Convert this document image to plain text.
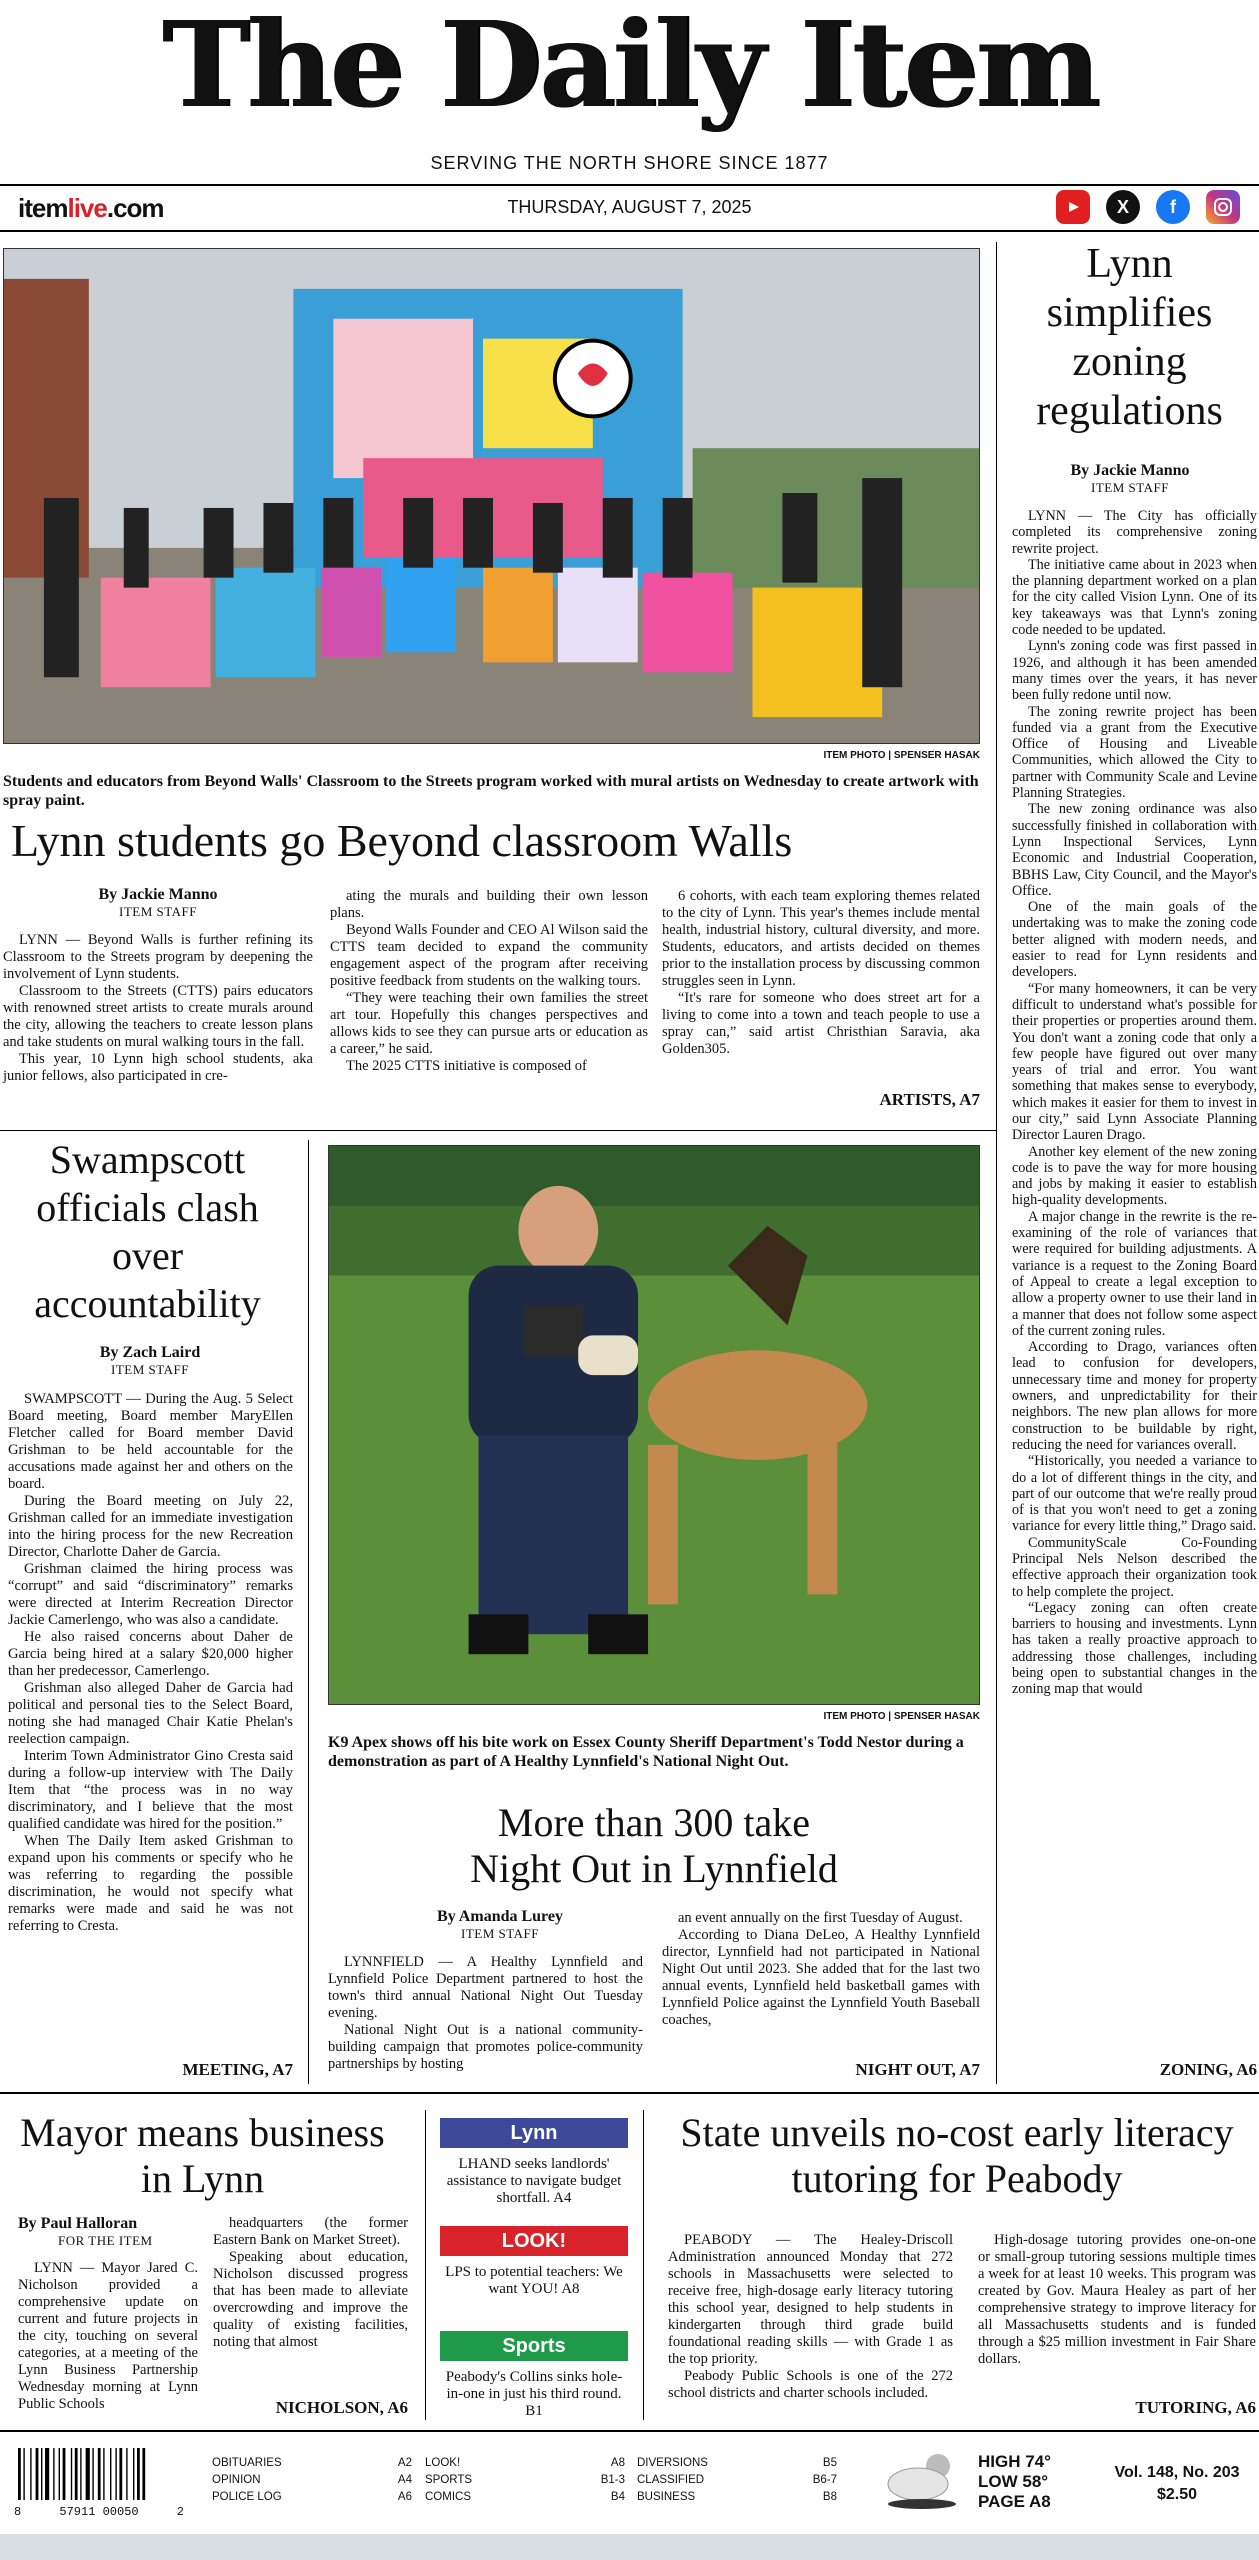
The Daily Item
SERVING THE NORTH SHORE SINCE 1877
itemlive.com	THURSDAY, AUGUST 7, 2025	X	f
ITEM PHOTO | SPENSER HASAK
Students and educators from Beyond Walls' Classroom to the Streets program worked with mural artists on Wednesday to create artwork with spray paint.
Lynn students go Beyond classroom Walls
By Jackie Manno
ITEM STAFF

LYNN — Beyond Walls is further refining its Classroom to the Streets program by deepening the involvement of Lynn students.

Classroom to the Streets (CTTS) pairs educators with renowned street artists to create murals around the city, allowing the teachers to create lesson plans and take students on mural walking tours in the fall.

This year, 10 Lynn high school students, aka junior fellows, also participated in cre-

ating the murals and building their own lesson plans.

Beyond Walls Founder and CEO Al Wilson said the CTTS team decided to expand the community engagement aspect of the program after receiving positive feedback from students on the walking tours.

“They were teaching their own families the street art tour. Hopefully this changes perspectives and allows kids to see they can pursue arts or education as a career,” he said.

The 2025 CTTS initiative is composed of

6 cohorts, with each team exploring themes related to the city of Lynn. This year's themes include mental health, industrial history, cultural diversity, and more. Students, educators, and artists decided on themes prior to the installation process by discussing common struggles seen in Lynn.

“It's rare for someone who does street art for a living to come into a town and teach people to use a spray can,” said artist Christhian Saravia, aka Golden305.

ARTISTS, A7
Lynn simplifies zoning regulations
By Jackie Manno
ITEM STAFF

LYNN — The City has officially completed its comprehensive zoning rewrite project.

The initiative came about in 2023 when the planning department worked on a plan for the city called Vision Lynn. One of its key takeaways was that Lynn's zoning code needed to be updated.

Lynn's zoning code was first passed in 1926, and although it has been amended many times over the years, it has never been fully redone until now.

The zoning rewrite project has been funded via a grant from the Executive Office of Housing and Liveable Communities, which allowed the City to partner with Community Scale and Levine Planning Strategies.

The new zoning ordinance was also successfully finished in collaboration with Lynn Inspectional Services, Lynn Economic and Industrial Cooperation, BBHS Law, City Council, and the Mayor's Office.

One of the main goals of the undertaking was to make the zoning code better aligned with modern needs, and easier to read for Lynn residents and developers.

“For many homeowners, it can be very difficult to understand what's possible for their properties or properties around them. You don't want a zoning code that only a few people have figured out over many years of trial and error. You want something that makes sense to everybody, which makes it easier for them to invest in our city,” said Lynn Associate Planning Director Lauren Drago.

Another key element of the new zoning code is to pave the way for more housing and jobs by making it easier to establish high-quality developments.

A major change in the rewrite is the re-examining of the role of variances that were required for building adjustments. A variance is a request to the Zoning Board of Appeal to create a legal exception to allow a property owner to use their land in a manner that does not follow some aspect of the current zoning rules.

According to Drago, variances often lead to confusion for developers, unnecessary time and money for property owners, and unpredictability for their neighbors. The new plan allows for more construction to be buildable by right, reducing the need for variances overall.

“Historically, you needed a variance to do a lot of different things in the city, and part of our outcome that we're really proud of is that you won't need to get a zoning variance for every little thing,” Drago said.

CommunityScale Co-Founding Principal Nels Nelson described the effective approach their organization took to help complete the project.

“Legacy zoning can often create barriers to housing and investments. Lynn has taken a really proactive approach to addressing those challenges, including being open to substantial changes in the zoning map that would

ZONING, A6
Swampscott officials clash over accountability
By Zach Laird
ITEM STAFF

SWAMPSCOTT — During the Aug. 5 Select Board meeting, Board member MaryEllen Fletcher called for Board member David Grishman to be held accountable for the accusations made against her and others on the board.

During the Board meeting on July 22, Grishman called for an immediate investigation into the hiring process for the new Recreation Director, Charlotte Daher de Garcia.

Grishman claimed the hiring process was “corrupt” and said “discriminatory” remarks were directed at Interim Recreation Director Jackie Camerlengo, who was also a candidate.

He also raised concerns about Daher de Garcia being hired at a salary $20,000 higher than her predecessor, Camerlengo.

Grishman also alleged Daher de Garcia had political and personal ties to the Select Board, noting she had managed Chair Katie Phelan's reelection campaign.

Interim Town Administrator Gino Cresta said during a follow-up interview with The Daily Item that “the process was in no way discriminatory, and I believe that the most qualified candidate was hired for the position.”

When The Daily Item asked Grishman to expand upon his comments or specify who he was referring to regarding the possible discrimination, he would not specify what remarks were made and said he was not referring to Cresta.

MEETING, A7
ITEM PHOTO | SPENSER HASAK
K9 Apex shows off his bite work on Essex County Sheriff Department's Todd Nestor during a demonstration as part of A Healthy Lynnfield's National Night Out.
More than 300 take Night Out in Lynnfield
By Amanda Lurey
ITEM STAFF

LYNNFIELD — A Healthy Lynnfield and Lynnfield Police Department partnered to host the town's third annual National Night Out Tuesday evening.

National Night Out is a national community-building campaign that promotes police-community partnerships by hosting

an event annually on the first Tuesday of August.

According to Diana DeLeo, A Healthy Lynnfield director, Lynnfield had not participated in National Night Out until 2023. She added that for the last two annual events, Lynnfield held basketball games with Lynnfield Police against the Lynnfield Youth Baseball coaches,

NIGHT OUT, A7
Mayor means business in Lynn
By Paul Halloran
FOR THE ITEM

LYNN — Mayor Jared C. Nicholson provided a comprehensive update on current and future projects in the city, touching on several categories, at a meeting of the Lynn Business Partnership Wednesday morning at Lynn Public Schools

headquarters (the former Eastern Bank on Market Street).

Speaking about education, Nicholson discussed progress that has been made to alleviate overcrowding and improve the quality of existing facilities, noting that almost

NICHOLSON, A6
Lynn
LHAND seeks landlords' assistance to navigate budget shortfall. A4
LOOK!
LPS to potential teachers: We want YOU! A8
Sports
Peabody's Collins sinks hole-in-one in just his third round. B1
State unveils no-cost early literacy tutoring for Peabody

PEABODY — The Healey-Driscoll Administration announced Monday that 272 schools in Massachusetts were selected to receive free, high-dosage early literacy tutoring this school year, designed to help students in kindergarten through third grade build foundational reading skills — with Grade 1 as the top priority.

Peabody Public Schools is one of the 272 school districts and charter schools included.

High-dosage tutoring provides one-on-one or small-group tutoring sessions multiple times a week for at least 10 weeks. This program was created by Gov. Maura Healey as part of her comprehensive strategy to improve literacy for all Massachusetts students and is funded through a $25 million investment in Fair Share dollars.

TUTORING, A6
8	57911 00050	2
OBITUARIES	A2
OPINION	A4
POLICE LOG	A6
LOOK!	A8
SPORTS	B1-3
COMICS	B4
DIVERSIONS	B5
CLASSIFIED	B6-7
BUSINESS	B8
HIGH 74°
LOW 58°
PAGE A8
Vol. 148, No. 203
$2.50
